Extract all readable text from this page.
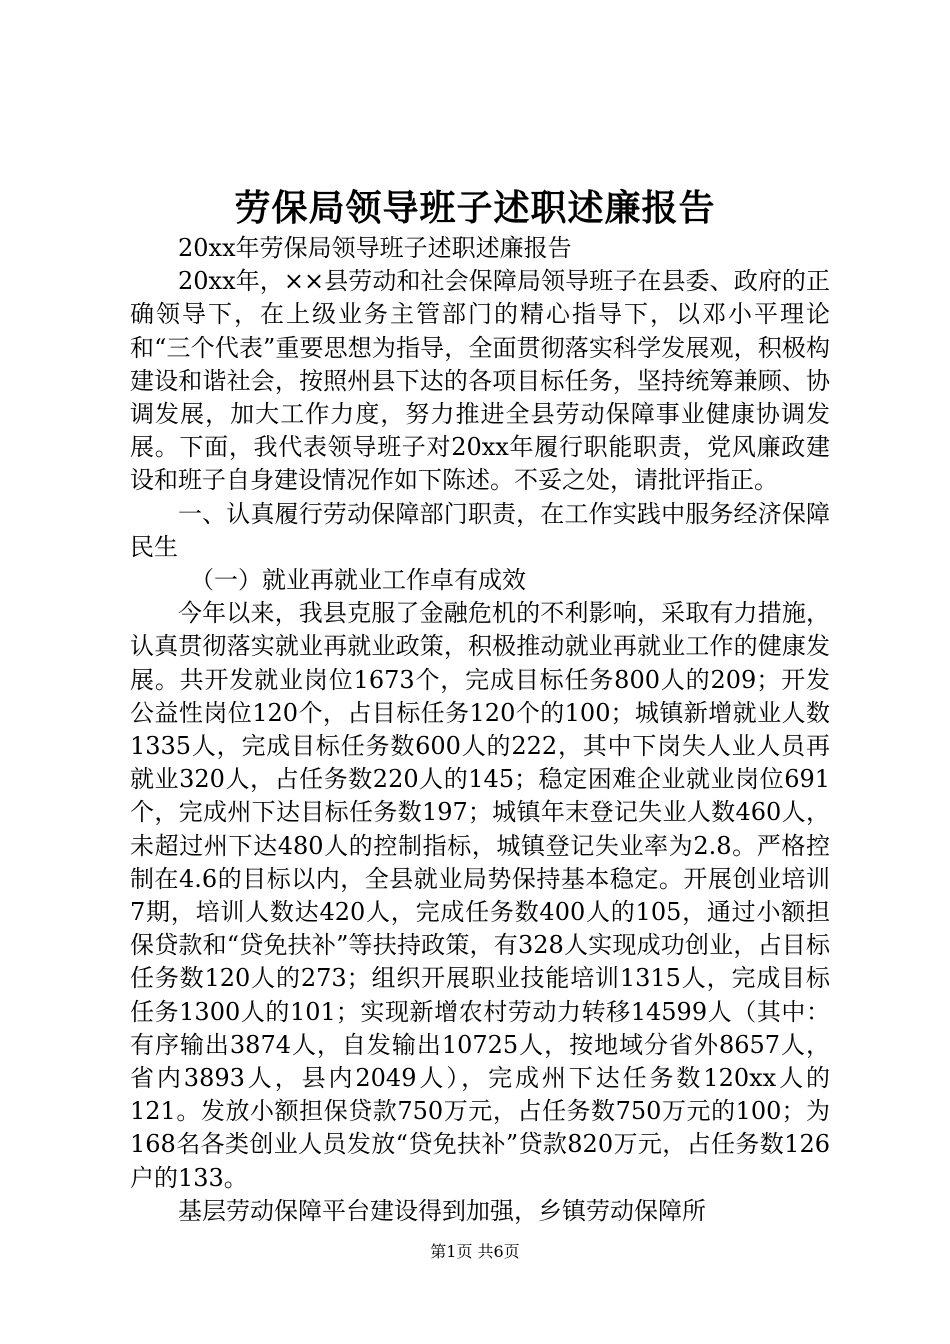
劳保局领导班子述职述廉报告

20xx年劳保局领导班子述职述廉报告

20xx年，××县劳动和社会保障局领导班子在县委、政府的正确领导下，在上级业务主管部门的精心指导下，以邓小平理论和“三个代表”重要思想为指导，全面贯彻落实科学发展观，积极构建设和谐社会，按照州县下达的各项目标任务，坚持统筹兼顾、协调发展，加大工作力度，努力推进全县劳动保障事业健康协调发展。下面，我代表领导班子对20xx年履行职能职责，党风廉政建设和班子自身建设情况作如下陈述。不妥之处，请批评指正。

一、认真履行劳动保障部门职责，在工作实践中服务经济保障民生

（一）就业再就业工作卓有成效

今年以来，我县克服了金融危机的不利影响，采取有力措施，认真贯彻落实就业再就业政策，积极推动就业再就业工作的健康发展。共开发就业岗位1673个，完成目标任务800人的209；开发公益性岗位120个，占目标任务120个的100；城镇新增就业人数1335人，完成目标任务数600人的222，其中下岗失人业人员再就业320人，占任务数220人的145；稳定困难企业就业岗位691个，完成州下达目标任务数197；城镇年末登记失业人数460人，未超过州下达480人的控制指标，城镇登记失业率为2.8。严格控制在4.6的目标以内，全县就业局势保持基本稳定。开展创业培训7期，培训人数达420人，完成任务数400人的105，通过小额担保贷款和“贷免扶补”等扶持政策，有328人实现成功创业，占目标任务数120人的273；组织开展职业技能培训1315人，完成目标任务1300人的101；实现新增农村劳动力转移14599人（其中：有序输出3874人，自发输出10725人，按地域分省外8657人，省内3893人，县内2049人），完成州下达任务数120xx人的121。发放小额担保贷款750万元，占任务数750万元的100；为168名各类创业人员发放“贷免扶补”贷款820万元，占任务数126户的133。

基层劳动保障平台建设得到加强，乡镇劳动保障所

第1页 共6页
